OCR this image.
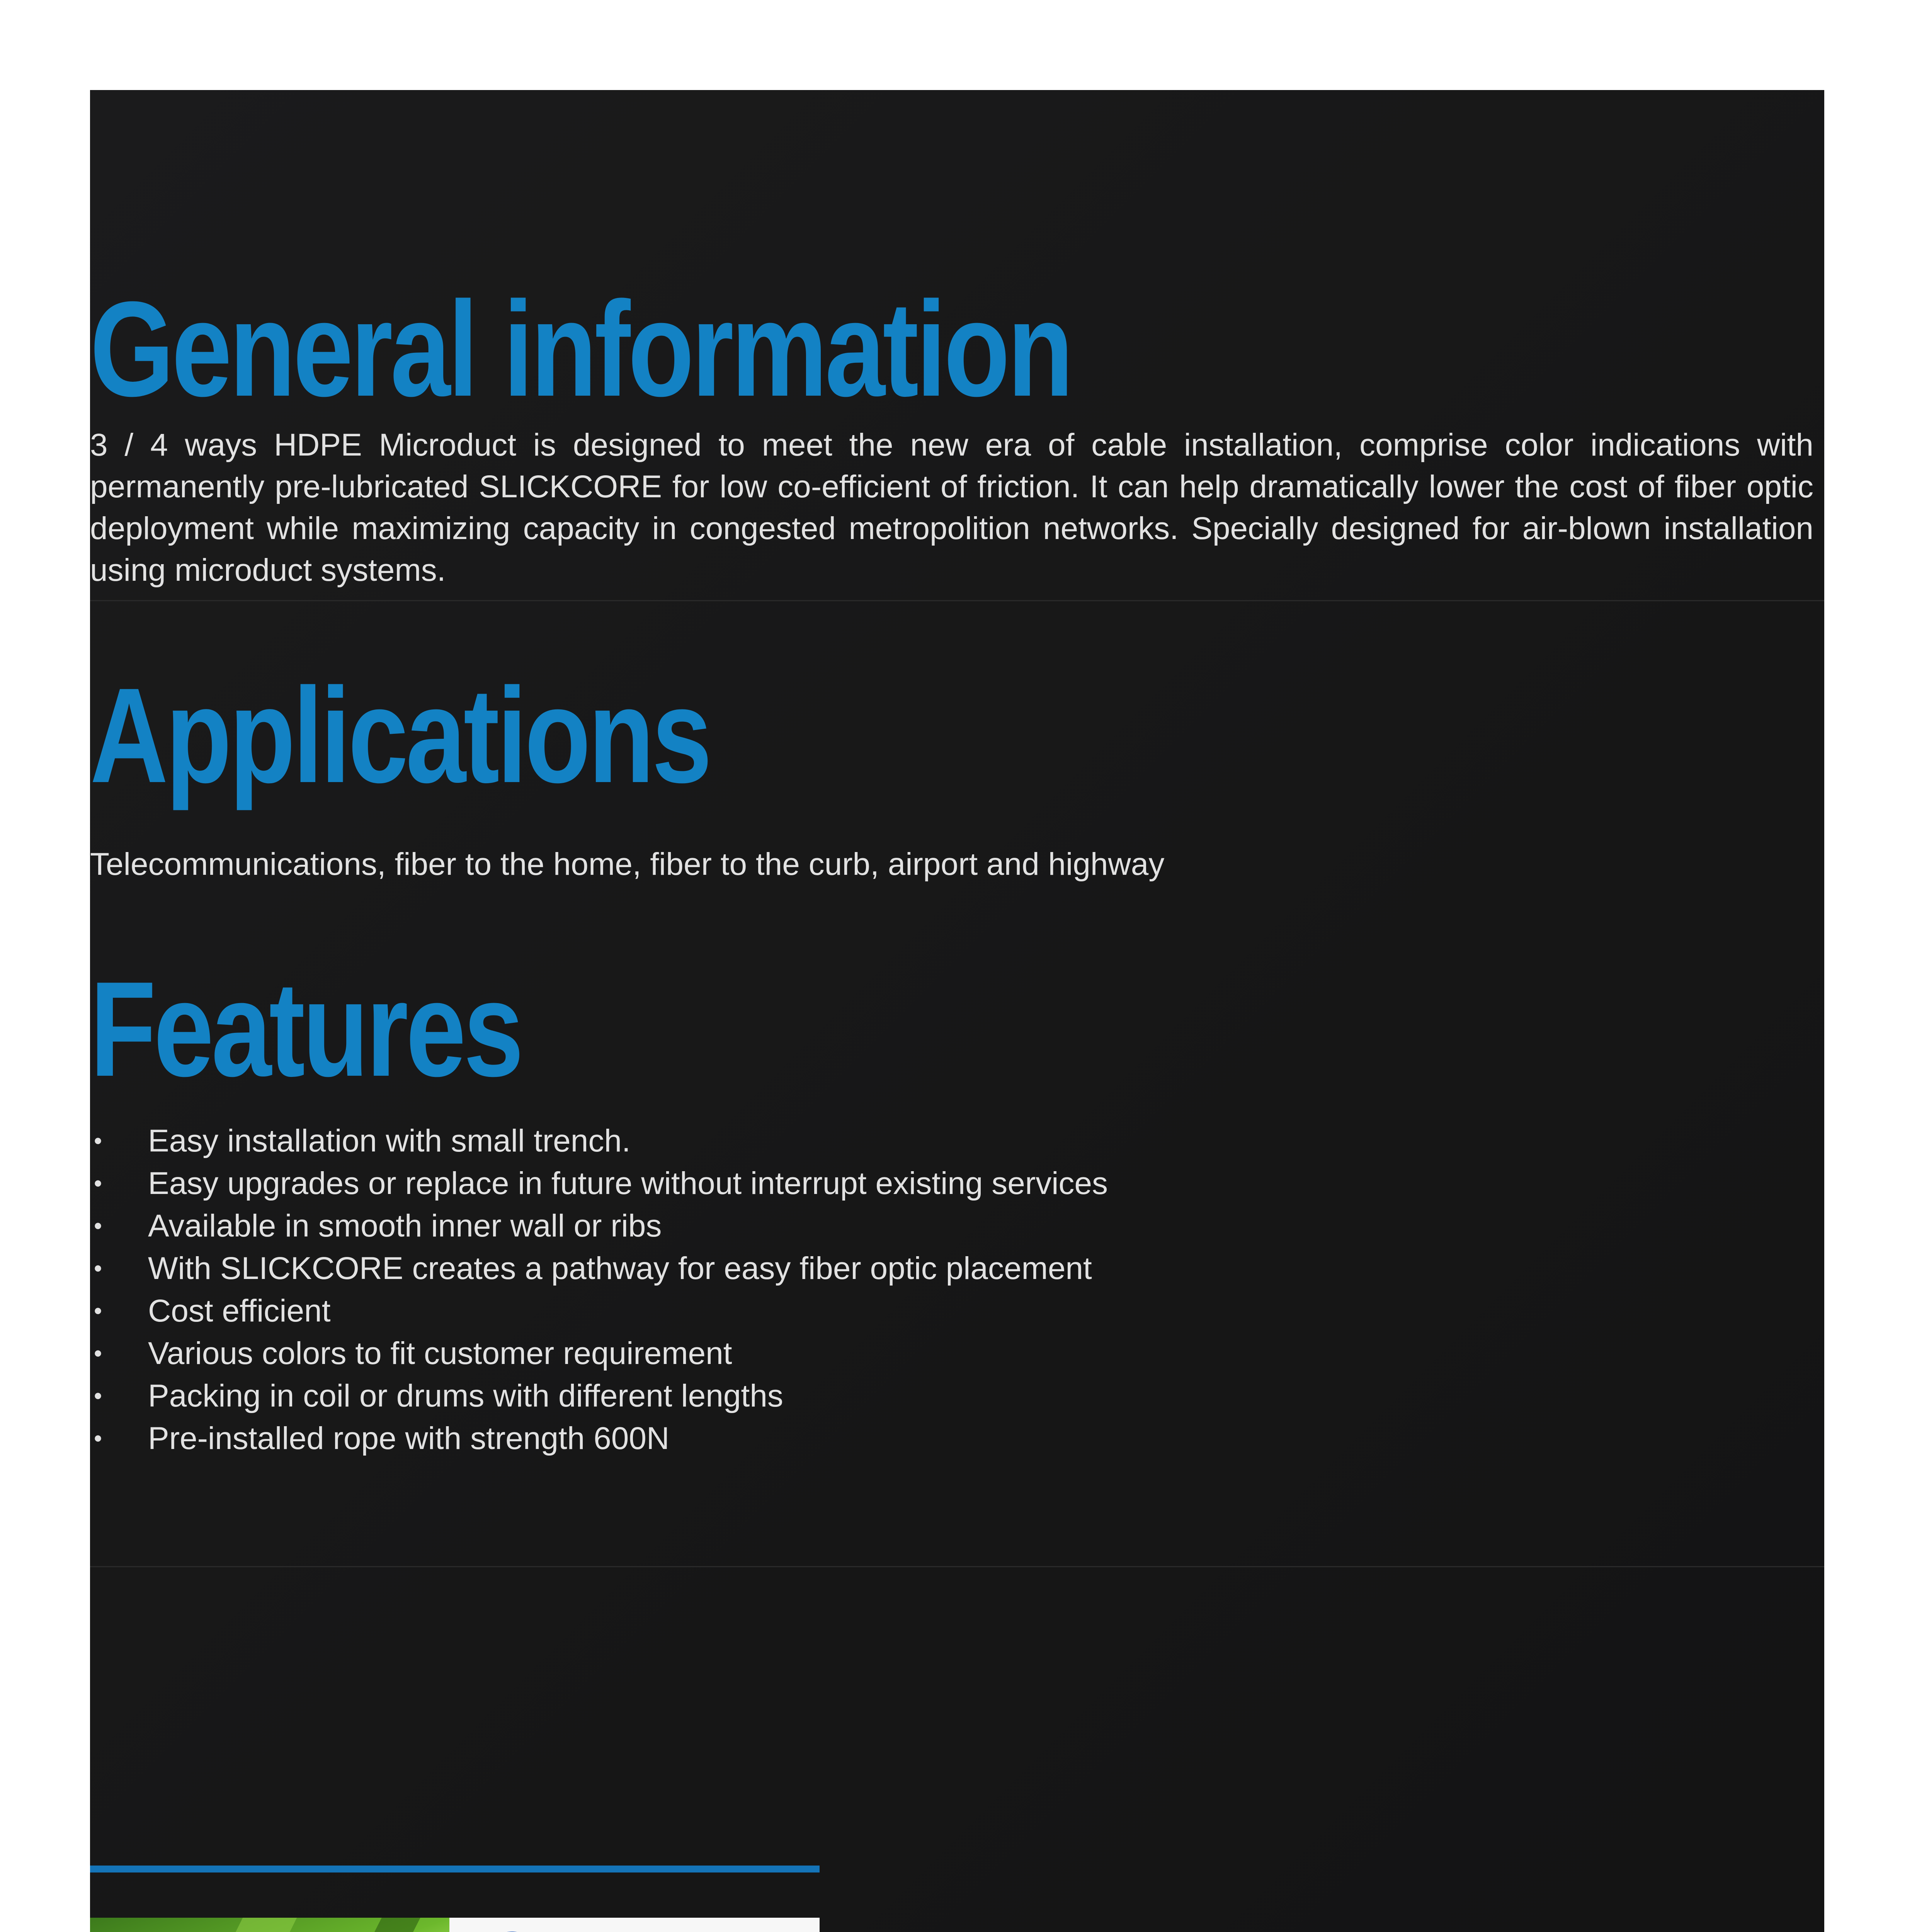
General information

3 / 4 ways HDPE Microduct is designed to meet the new era of cable installation, comprise color indications with permanently pre-lubricated SLICKCORE for low co-efficient of friction. It can help dramatically lower the cost of fiber optic deployment while maximizing capacity in congested metropolition networks. Specially designed for air-blown installation using microduct systems.

Applications

Telecommunications, fiber to the home, fiber to the curb, airport and highway

Features
• Easy installation with small trench.
• Easy upgrades or replace in future without interrupt existing services
• Available in smooth inner wall or ribs
• With SLICKCORE creates a pathway for easy fiber optic placement
• Cost efficient
• Various colors to fit customer requirement
• Packing in coil or drums with different lengths
• Pre-installed rope with strength 600N
